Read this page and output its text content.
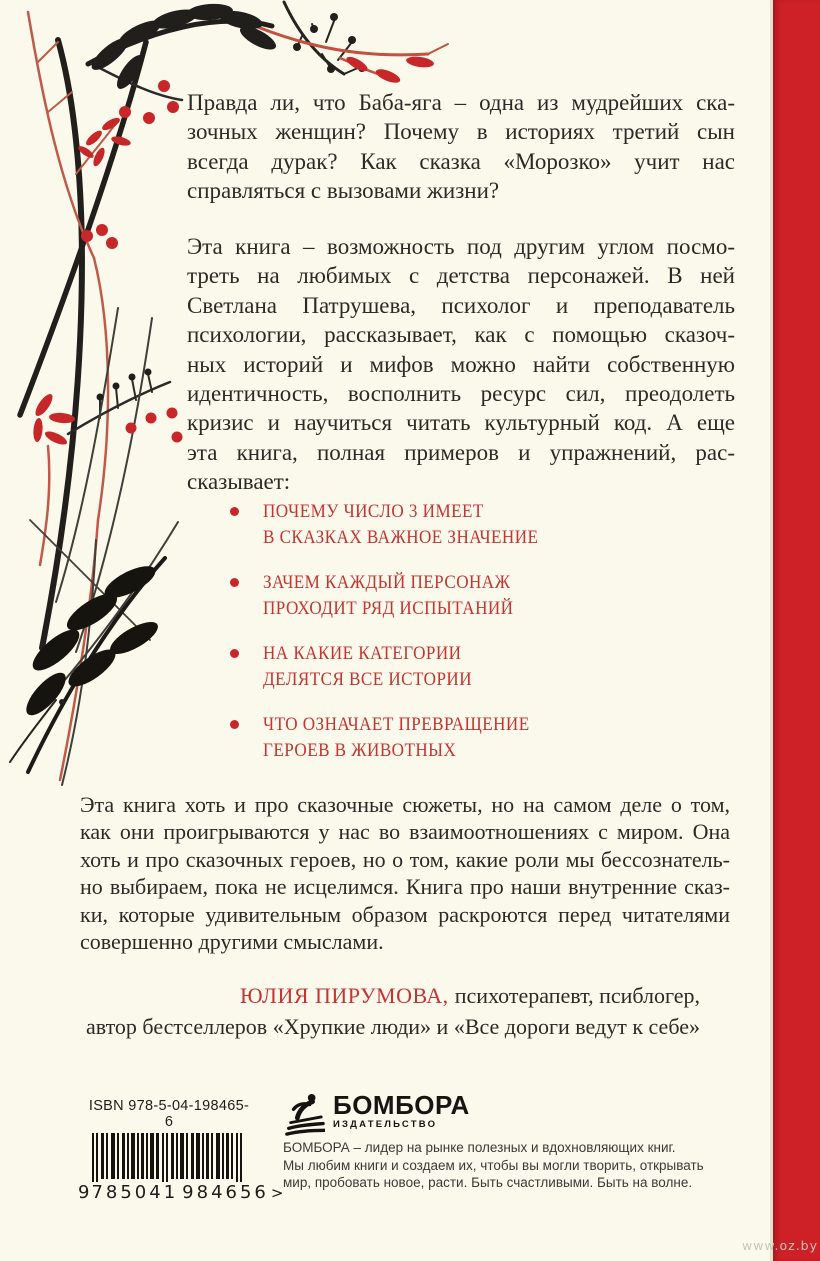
Правда ли, что Баба-яга – одна из мудрейших ска-
зочных женщин? Почему в историях третий сын
всегда дурак? Как сказка «Морозко» учит нас
справляться с вызовами жизни?
Эта книга – возможность под другим углом посмо-
треть на любимых с детства персонажей. В ней
Светлана Патрушева, психолог и преподаватель
психологии, рассказывает, как с помощью сказоч-
ных историй и мифов можно найти собственную
идентичность, восполнить ресурс сил, преодолеть
кризис и научиться читать культурный код. А еще
эта книга, полная примеров и упражнений, рас-
сказывает:
ПОЧЕМУ ЧИСЛО 3 ИМЕЕТ
В СКАЗКАХ ВАЖНОЕ ЗНАЧЕНИЕ
ЗАЧЕМ КАЖДЫЙ ПЕРСОНАЖ
ПРОХОДИТ РЯД ИСПЫТАНИЙ
НА КАКИЕ КАТЕГОРИИ
ДЕЛЯТСЯ ВСЕ ИСТОРИИ
ЧТО ОЗНАЧАЕТ ПРЕВРАЩЕНИЕ
ГЕРОЕВ В ЖИВОТНЫХ
Эта книга хоть и про сказочные сюжеты, но на самом деле о том,
как они проигрываются у нас во взаимоотношениях с миром. Она
хоть и про сказочных героев, но о том, какие роли мы бессознатель-
но выбираем, пока не исцелимся. Книга про наши внутренние сказ-
ки, которые удивительным образом раскроются перед читателями
совершенно другими смыслами.
ЮЛИЯ ПИРУМОВА, психотерапевт, псиблогер,
автор бестселлеров «Хрупкие люди» и «Все дороги ведут к себе»
ISBN 978-5-04-198465-6
9 785041 984656 >
БОМБОРА
ИЗДАТЕЛЬСТВО
БОМБОРА – лидер на рынке полезных и вдохновляющих книг.
Мы любим книги и создаем их, чтобы вы могли творить, открывать
мир, пробовать новое, расти. Быть счастливыми. Быть на волне.
www.oz.by
